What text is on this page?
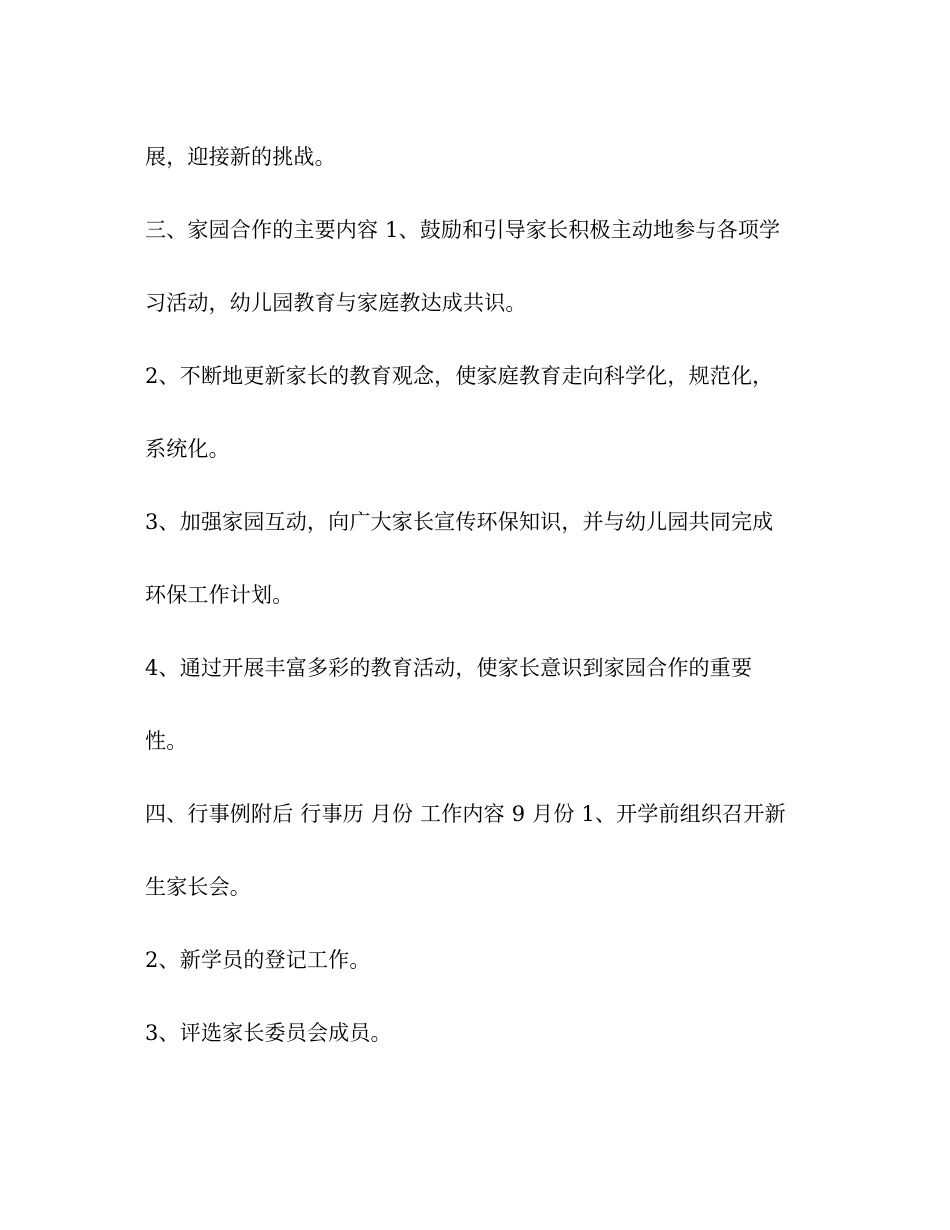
展，迎接新的挑战。
三、家园合作的主要内容 1、鼓励和引导家长积极主动地参与各项学
习活动，幼儿园教育与家庭教达成共识。
2、不断地更新家长的教育观念，使家庭教育走向科学化，规范化，
系统化。
3、加强家园互动，向广大家长宣传环保知识，并与幼儿园共同完成
环保工作计划。
4、通过开展丰富多彩的教育活动，使家长意识到家园合作的重要
性。
四、行事例附后 行事历 月份 工作内容 9 月份 1、开学前组织召开新
生家长会。
2、新学员的登记工作。
3、评选家长委员会成员。
